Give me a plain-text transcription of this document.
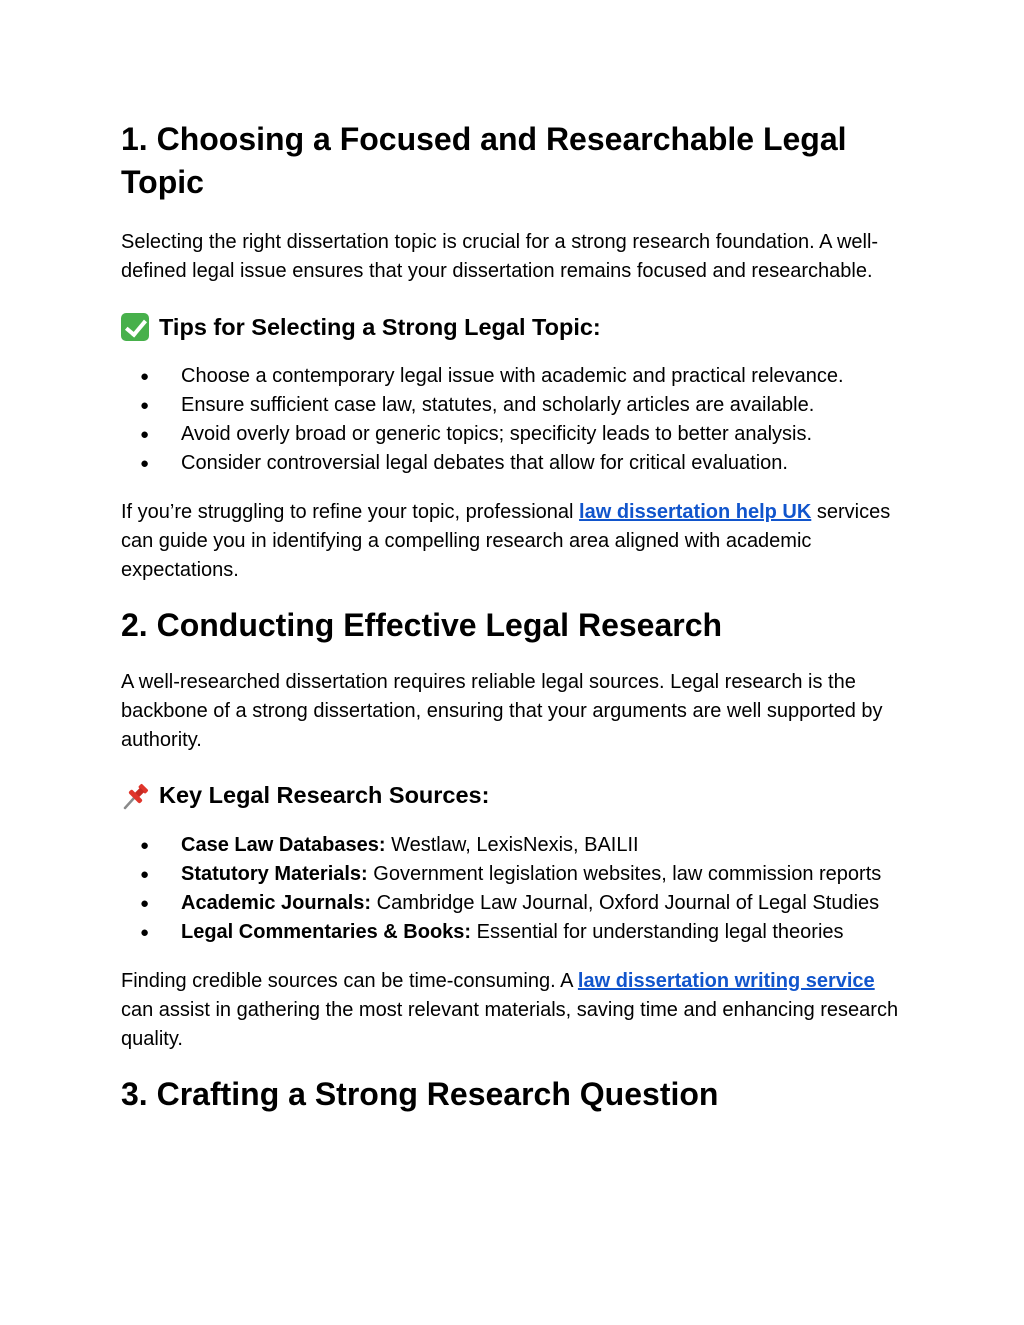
1. Choosing a Focused and Researchable Legal Topic

Selecting the right dissertation topic is crucial for a strong research foundation. A well-defined legal issue ensures that your dissertation remains focused and researchable.

Tips for Selecting a Strong Legal Topic:
● Choose a contemporary legal issue with academic and practical relevance.
● Ensure sufficient case law, statutes, and scholarly articles are available.
● Avoid overly broad or generic topics; specificity leads to better analysis.
● Consider controversial legal debates that allow for critical evaluation.

If you’re struggling to refine your topic, professional law dissertation help UK services can guide you in identifying a compelling research area aligned with academic expectations.

2. Conducting Effective Legal Research

A well-researched dissertation requires reliable legal sources. Legal research is the backbone of a strong dissertation, ensuring that your arguments are well supported by authority.

Key Legal Research Sources:
● Case Law Databases: Westlaw, LexisNexis, BAILII
● Statutory Materials: Government legislation websites, law commission reports
● Academic Journals: Cambridge Law Journal, Oxford Journal of Legal Studies
● Legal Commentaries & Books: Essential for understanding legal theories

Finding credible sources can be time-consuming. A law dissertation writing service can assist in gathering the most relevant materials, saving time and enhancing research quality.

3. Crafting a Strong Research Question
